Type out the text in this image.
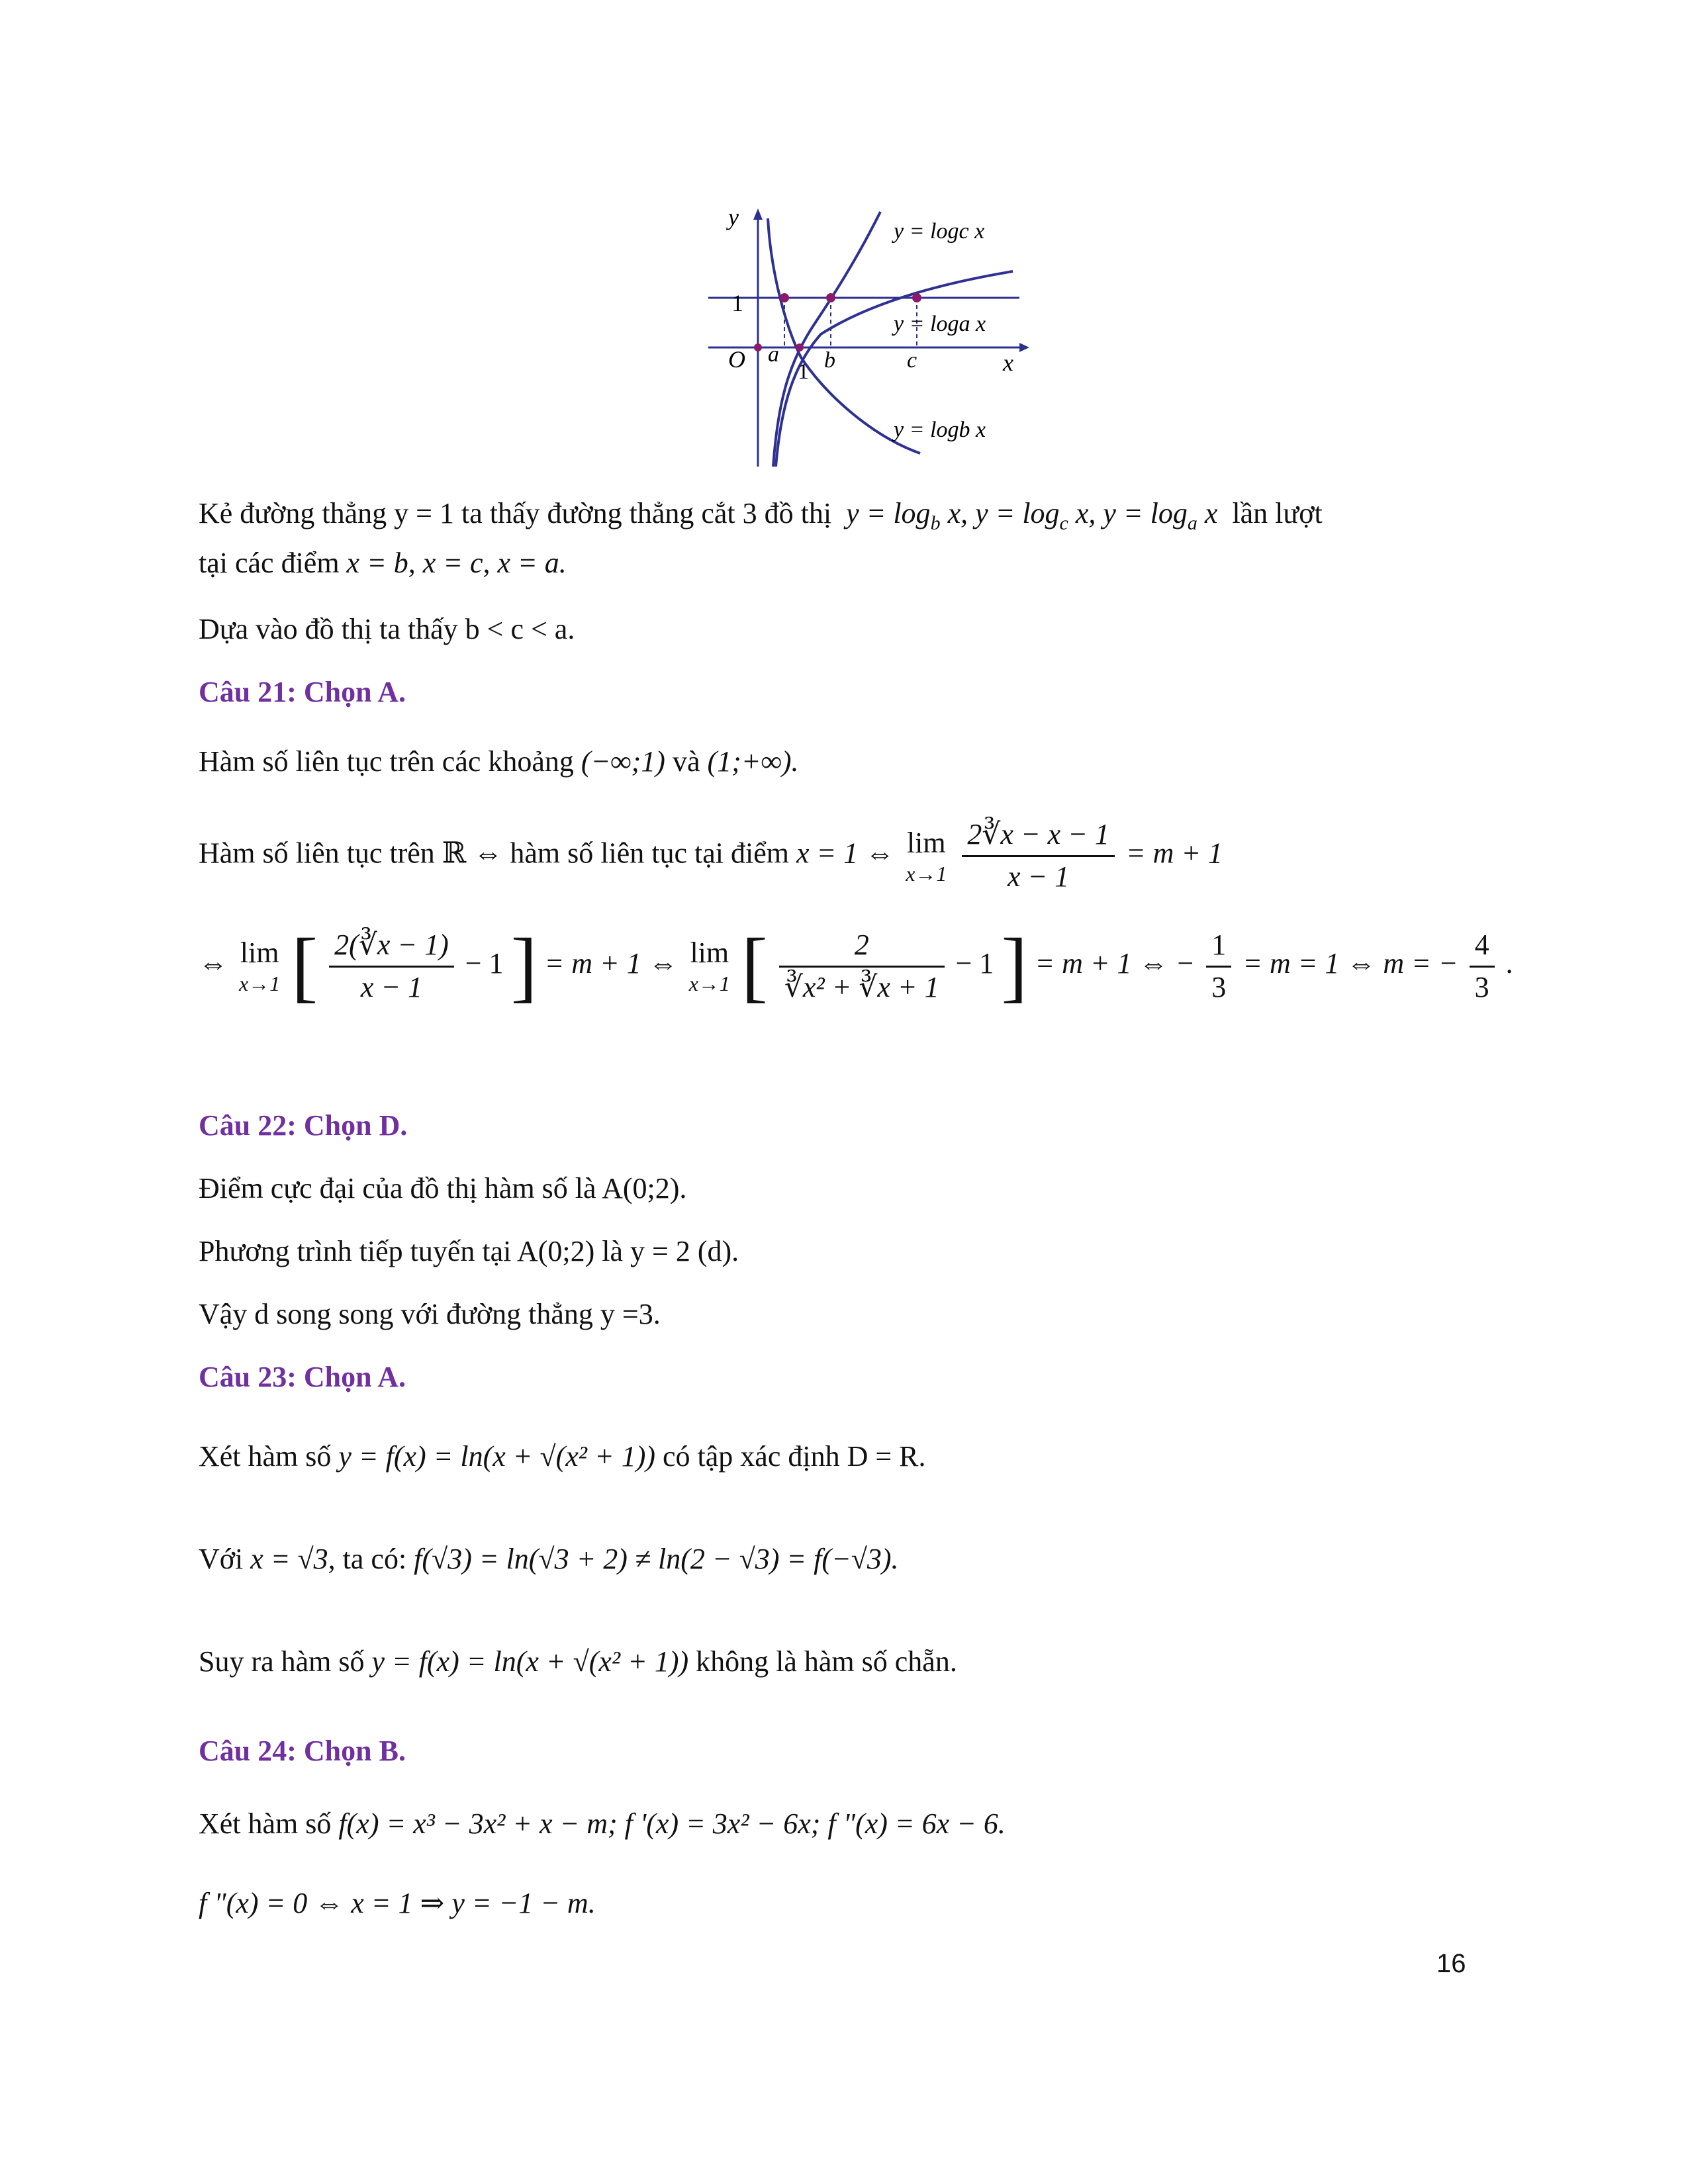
y
x
O
1
1
a b	c
y = logc x
y = loga x
y = logb x
Kẻ đường thẳng y = 1 ta thấy đường thẳng cắt 3 đồ thị $y = \log_b x$, $y = \log_c x$, $y = \log_a x$ lần lượt
tại các điểm x = b, x = c, x = a.
Dựa vào đồ thị ta thấy b < c < a.
Câu 21: Chọn A.
Hàm số liên tục trên các khoảng (−∞;1) và (1;+∞).
Hàm số liên tục trên ℝ ⇔ hàm số liên tục tại điểm x = 1 ⇔ lim
x→1
$\frac{2∛x - x - 1}{x - 1} = m + 1$
⇔ lim
x→1 [ $\frac{2(∛x - 1)}{x - 1} - 1$ ] = m + 1 ⇔ lim
x→1 [ $\frac{2}{\text{∛x² + ∛x + 1}} - 1$ ] = m + 1 ⇔ − $\frac{1}{3} = m = 1$ ⇔ m = − $\frac{4}{3}$ .
Câu 22: Chọn D.
Điểm cực đại của đồ thị hàm số là A(0;2).
Phương trình tiếp tuyến tại A(0;2) là y = 2 (d).
Vậy d song song với đường thẳng y =3.
Câu 23: Chọn A.
Xét hàm số y = f(x) = ln(x + √(x² + 1)) có tập xác định D = R.
Với x = √3, ta có: f(√3) = ln(√3 + 2) ≠ ln(2 − √3) = f(−√3).
Suy ra hàm số y = f(x) = ln(x + √(x² + 1)) không là hàm số chẵn.
Câu 24: Chọn B.
Xét hàm số f(x) = x³ − 3x² + x − m; f '(x) = 3x² − 6x; f "(x) = 6x − 6.
f "(x) = 0 ⇔ x = 1 ⇒ y = −1 − m.
16
